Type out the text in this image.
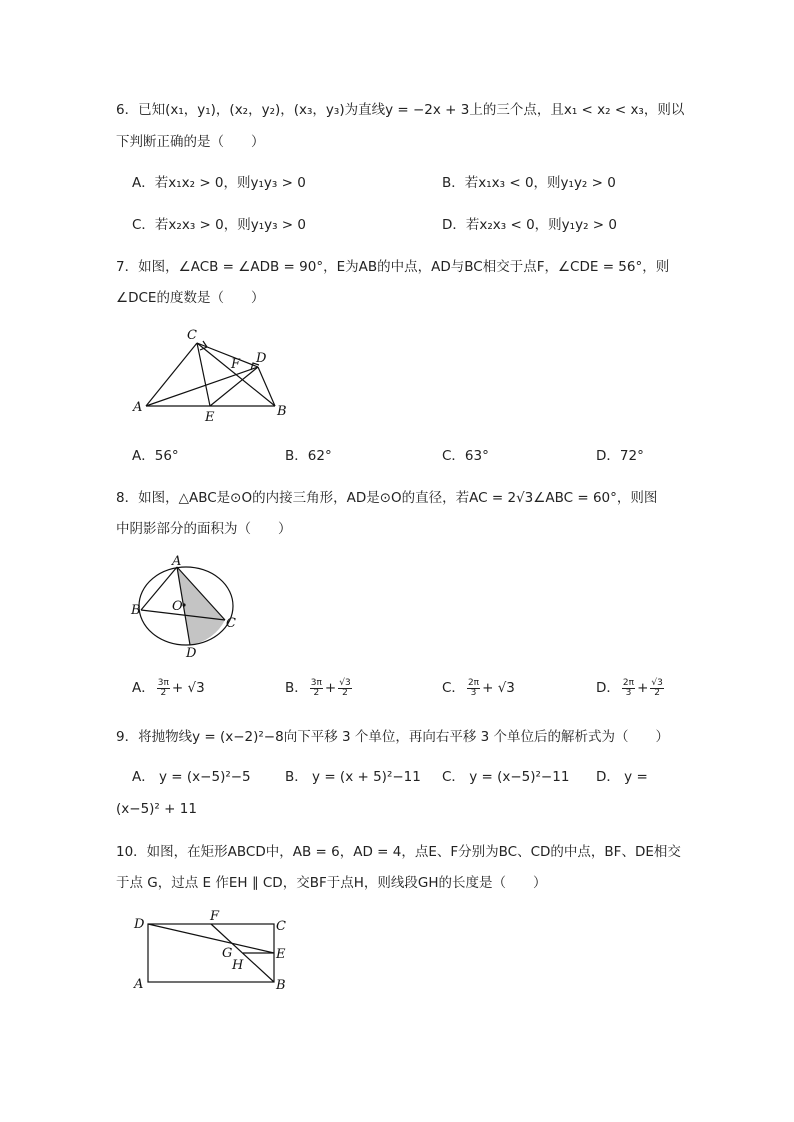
6．已知(x₁，y₁)，(x₂，y₂)，(x₃，y₃)为直线y = −2x + 3上的三个点，且x₁ < x₂ < x₃，则以
下判断正确的是（　　）
A．若x₁x₂ > 0，则y₁y₃ > 0	B．若x₁x₃ < 0，则y₁y₂ > 0
C．若x₂x₃ > 0，则y₁y₃ > 0	D．若x₂x₃ < 0，则y₁y₂ > 0
7．如图，∠ACB = ∠ADB = 90°，E为AB的中点，AD与BC相交于点F，∠CDE = 56°，则
∠DCE的度数是（　　）
C
D
F
A	B
E
A．56°	B．62°	C．63°	D．72°
8．如图，△ABC是⊙O的内接三角形，AD是⊙O的直径，若AC = 2√3∠ABC = 60°，则图
中阴影部分的面积为（　　）
A
B O
C
D
A． $\frac{3\pi}{2} + √3$	B． $\frac{3\pi}{2} + \frac{√3}{2}$	C． $\frac{2\pi}{3} + √3$	D． $\frac{2\pi}{3} + \frac{√3}{2}$
9．将抛物线y = (x−2)²−8向下平移 3 个单位，再向右平移 3 个单位后的解析式为（　　）
A． y = (x−5)²−5	B． y = (x + 5)²−11 C． y = (x−5)²−11 D． y =
(x−5)² + 11
10．如图，在矩形ABCD中，AB = 6，AD = 4，点E、F分别为BC、CD的中点，BF、DE相交
于点 G，过点 E 作EH ∥ CD，交BF于点H，则线段GH的长度是（　　）
D
F
C
E
G
H
A	B
